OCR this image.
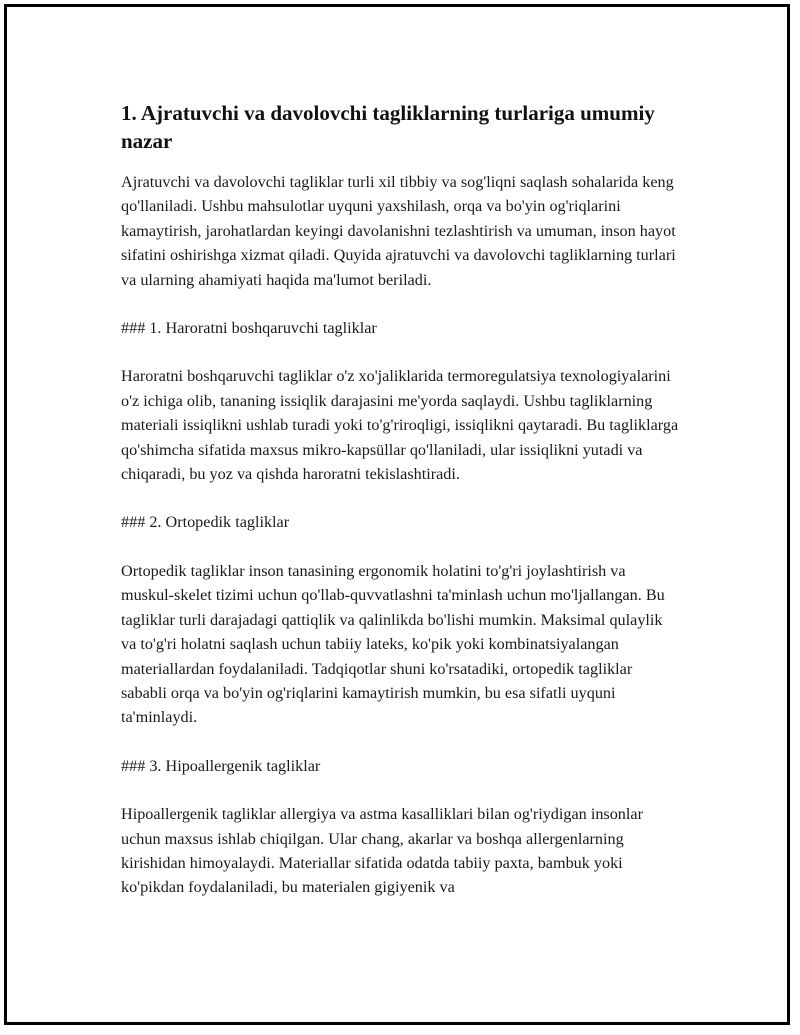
1. Ajratuvchi va davolovchi tagliklarning turlariga umumiy nazar

Ajratuvchi va davolovchi tagliklar turli xil tibbiy va sog'liqni saqlash sohalarida keng qo'llaniladi. Ushbu mahsulotlar uyquni yaxshilash, orqa va bo'yin og'riqlarini kamaytirish, jarohatlardan keyingi davolanishni tezlashtirish va umuman, inson hayot sifatini oshirishga xizmat qiladi. Quyida ajratuvchi va davolovchi tagliklarning turlari va ularning ahamiyati haqida ma'lumot beriladi.

### 1. Haroratni boshqaruvchi tagliklar

Haroratni boshqaruvchi tagliklar o'z xo'jaliklarida termoregulatsiya texnologiyalarini o'z ichiga olib, tananing issiqlik darajasini me'yorda saqlaydi. Ushbu tagliklarning materiali issiqlikni ushlab turadi yoki to'g'riroqligi, issiqlikni qaytaradi. Bu tagliklarga qo'shimcha sifatida maxsus mikro-kapsüllar qo'llaniladi, ular issiqlikni yutadi va chiqaradi, bu yoz va qishda haroratni tekislashtiradi.

### 2. Ortopedik tagliklar

Ortopedik tagliklar inson tanasining ergonomik holatini to'g'ri joylashtirish va muskul-skelet tizimi uchun qo'llab-quvvatlashni ta'minlash uchun mo'ljallangan. Bu tagliklar turli darajadagi qattiqlik va qalinlikda bo'lishi mumkin. Maksimal qulaylik va to'g'ri holatni saqlash uchun tabiiy lateks, ko'pik yoki kombinatsiyalangan materiallardan foydalaniladi. Tadqiqotlar shuni ko'rsatadiki, ortopedik tagliklar sababli orqa va bo'yin og'riqlarini kamaytirish mumkin, bu esa sifatli uyquni ta'minlaydi.

### 3. Hipoallergenik tagliklar

Hipoallergenik tagliklar allergiya va astma kasalliklari bilan og'riydigan insonlar uchun maxsus ishlab chiqilgan. Ular chang, akarlar va boshqa allergenlarning kirishidan himoyalaydi. Materiallar sifatida odatda tabiiy paxta, bambuk yoki ko'pikdan foydalaniladi, bu materialen gigiyenik va
